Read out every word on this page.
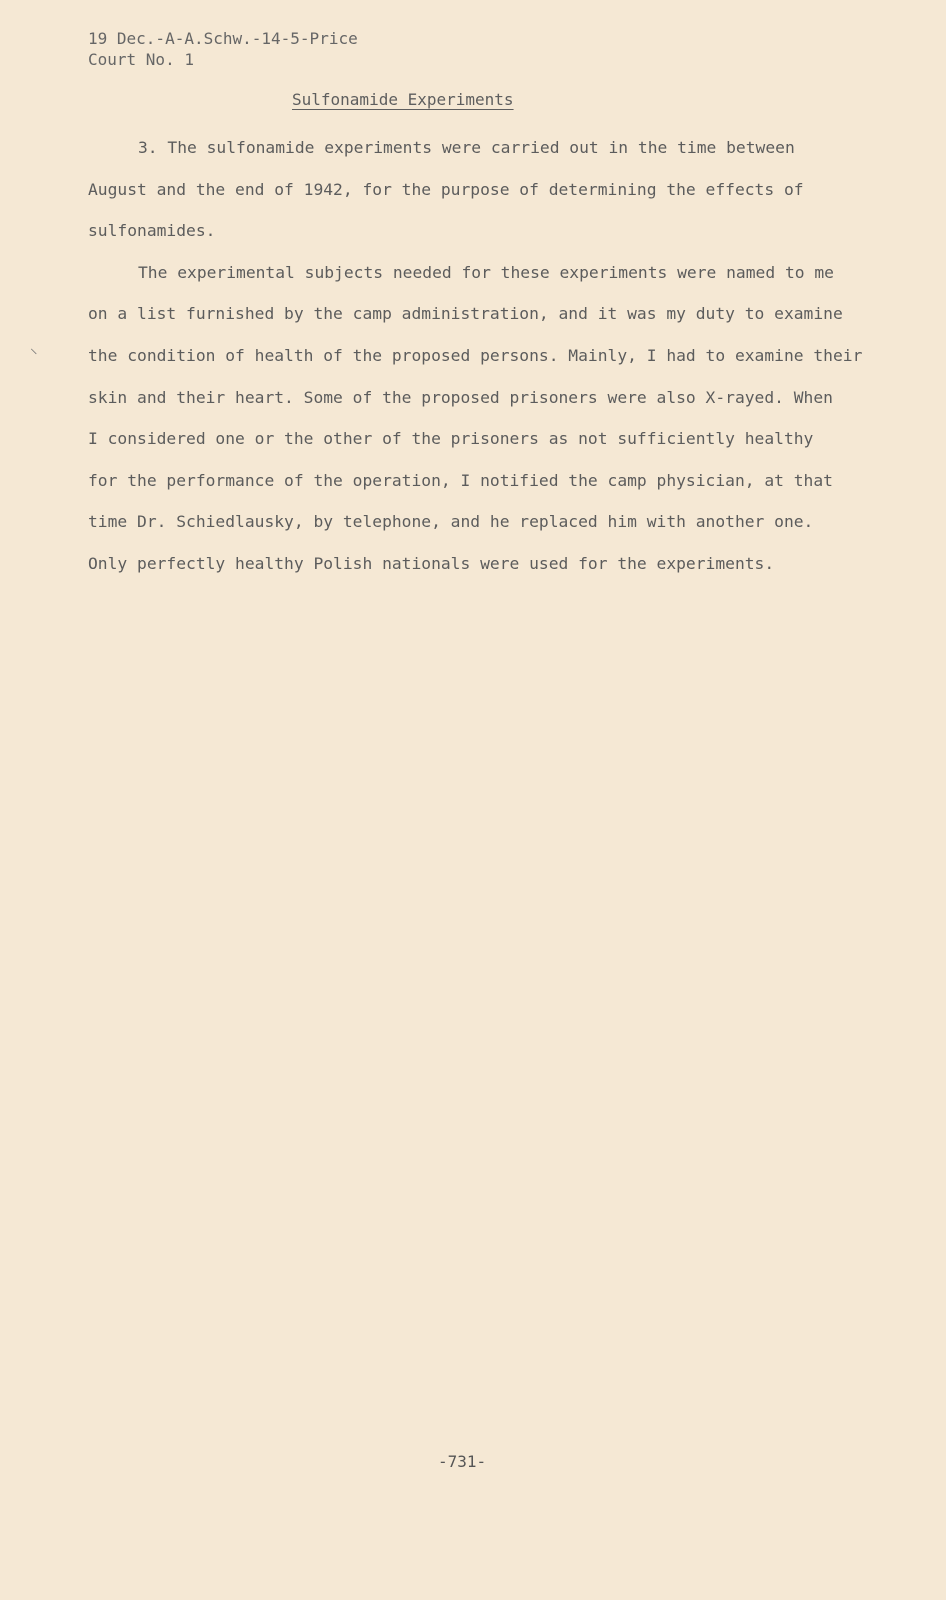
19 Dec.-A-A.Schw.-14-5-Price
Court No. 1
Sulfonamide Experiments
⸜
3. The sulfonamide experiments were carried out in the time between
August and the end of 1942, for the purpose of determining the effects of
sulfonamides.
The experimental subjects needed for these experiments were named to me
on a list furnished by the camp administration, and it was my duty to examine
the condition of health of the proposed persons. Mainly, I had to examine their
skin and their heart. Some of the proposed prisoners were also X-rayed. When
I considered one or the other of the prisoners as not sufficiently healthy
for the performance of the operation, I notified the camp physician, at that
time Dr. Schiedlausky, by telephone, and he replaced him with another one.
Only perfectly healthy Polish nationals were used for the experiments.
-731-
